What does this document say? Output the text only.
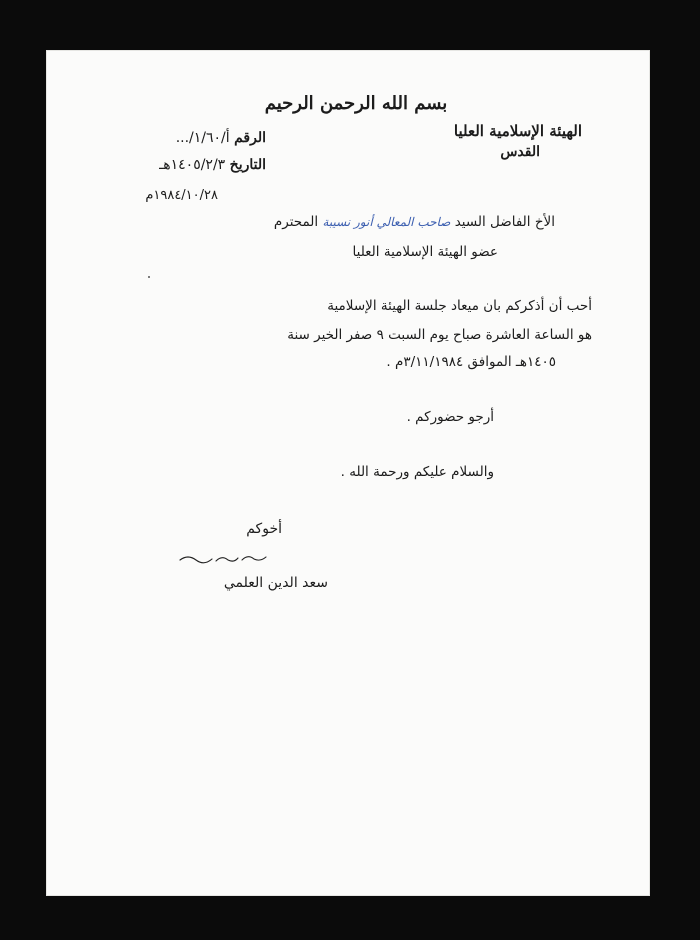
بسم الله الرحمن الرحيم
الهيئة الإسلامية العليا
القدس
الرقم أ/١/٦٠/...
التاريخ ١٤٠٥/٢/٣هـ
١٩٨٤/١٠/٢٨م
الأخ الفاضل السيد صاحب المعالي أنور نسيبة المحترم
عضو الهيئة الإسلامية العليا
أحب أن أذكركم بان ميعاد جلسة الهيئة الإسلامية
هو الساعة العاشرة صباح يوم السبت ٩ صفر الخير سنة
١٤٠٥هـ الموافق ٣/١١/١٩٨٤م .
أرجو حضوركم .
والسلام عليكم ورحمة الله .
أخوكم
سعد الدين العلمي
